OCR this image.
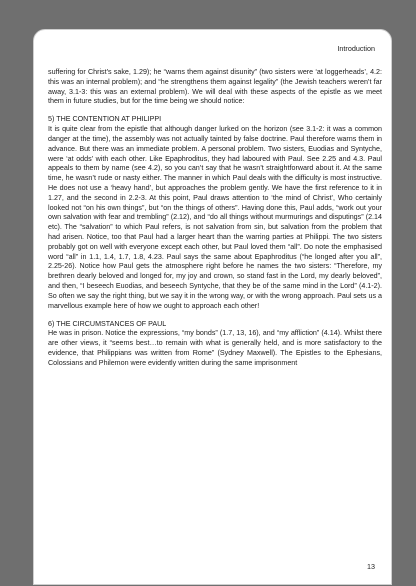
Introduction

suffering for Christ’s sake, 1.29); he “warns them against disunity” (two sisters were ‘at loggerheads’, 4.2: this was an internal problem); and “he strengthens them against legality” (the Jewish teachers weren’t far away, 3.1-3: this was an external problem). We will deal with these aspects of the epistle as we meet them in future studies, but for the time being we should notice:

5) THE CONTENTION AT PHILIPPI

It is quite clear from the epistle that although danger lurked on the horizon (see 3.1-2: it was a common danger at the time), the assembly was not actually tainted by false doctrine. Paul therefore warns them in advance. But there was an immediate problem. A personal problem. Two sisters, Euodias and Syntyche, were ‘at odds’ with each other. Like Epaphroditus, they had laboured with Paul. See 2.25 and 4.3. Paul appeals to them by name (see 4.2), so you can’t say that he wasn’t straightforward about it. At the same time, he wasn’t rude or nasty either. The manner in which Paul deals with the difficulty is most instructive. He does not use a ‘heavy hand’, but approaches the problem gently. We have the first reference to it in 1.27, and the second in 2.2-3. At this point, Paul draws attention to ‘the mind of Christ’, Who certainly looked not “on his own things”, but “on the things of others”. Having done this, Paul adds, “work out your own salvation with fear and trembling” (2.12), and “do all things without murmurings and disputings” (2.14 etc). The “salvation” to which Paul refers, is not salvation from sin, but salvation from the problem that had arisen. Notice, too that Paul had a larger heart than the warring parties at Philippi. The two sisters probably got on well with everyone except each other, but Paul loved them “all”. Do note the emphasised word “all” in 1.1, 1.4, 1.7, 1.8, 4.23. Paul says the same about Epaphroditus (“he longed after you all”, 2.25-26). Notice how Paul gets the atmosphere right before he names the two sisters: “Therefore, my brethren dearly beloved and longed for, my joy and crown, so stand fast in the Lord, my dearly beloved”, and then, “I beseech Euodias, and beseech Syntyche, that they be of the same mind in the Lord” (4.1-2). So often we say the right thing, but we say it in the wrong way, or with the wrong approach. Paul sets us a marvellous example here of how we ought to approach each other!

6) THE CIRCUMSTANCES OF PAUL

He was in prison. Notice the expressions, “my bonds” (1.7, 13, 16), and “my affliction” (4.14). Whilst there are other views, it “seems best…to remain with what is generally held, and is more satisfactory to the evidence, that Philippians was written from Rome” (Sydney Maxwell). The Epistles to the Ephesians, Colossians and Philemon were evidently written during the same imprisonment

13
